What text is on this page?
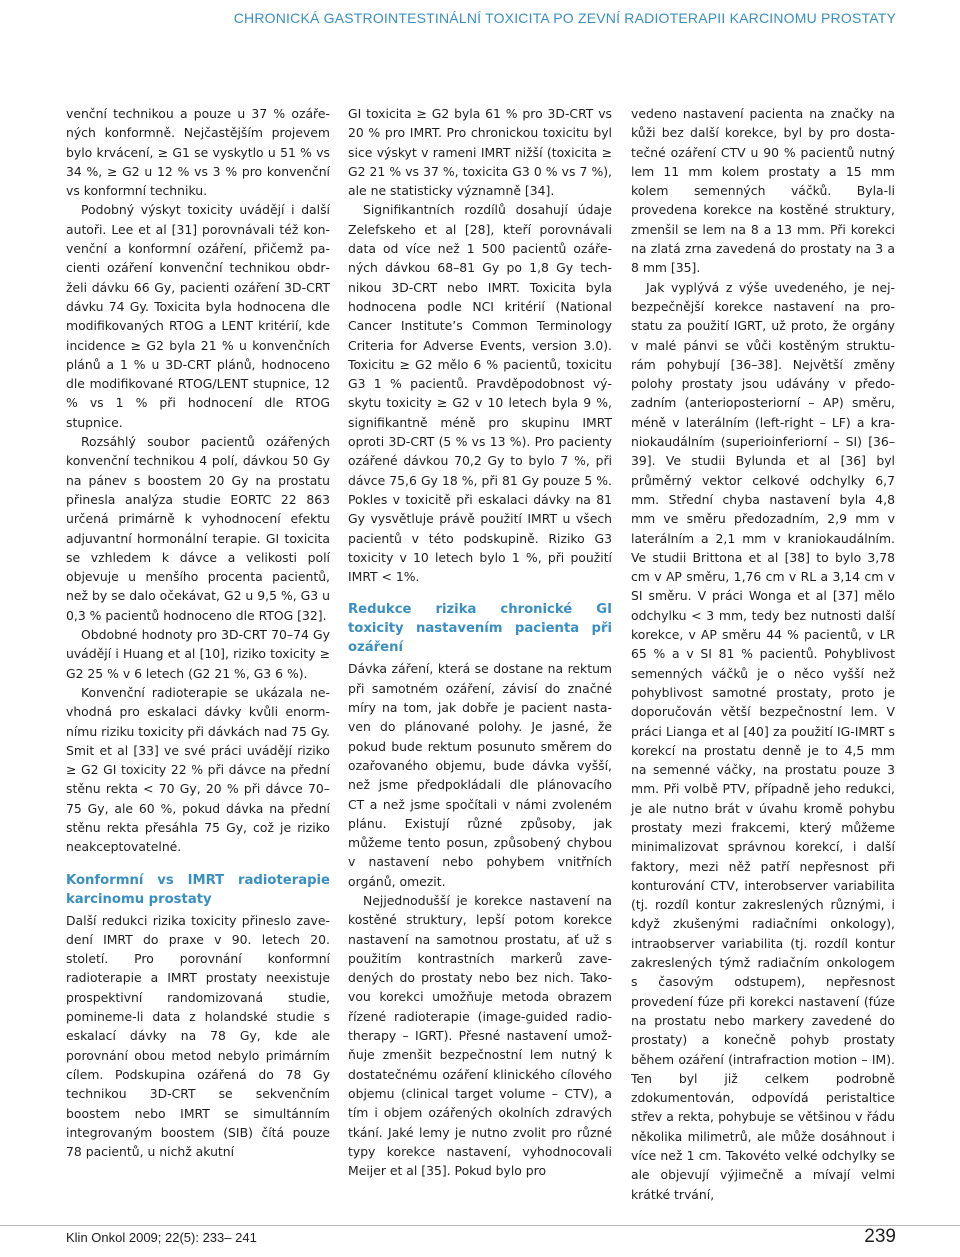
CHRONICKÁ GASTROINTESTINÁLNÍ TOXICITA PO ZEVNÍ RADIOTERAPII KARCINOMU PROSTATY

venční technikou a pouze u 37 % ozářených konformně. Nejčastějším projevem bylo krvácení, ≥ G1 se vyskytlo u 51 % vs 34 %, ≥ G2 u 12 % vs 3 % pro konvenční vs konformní techniku.

Podobný výskyt toxicity uvádějí i další autoři. Lee et al [31] porovnávali též konvenční a konformní ozáření, přičemž pacienti ozáření konvenční technikou obdrželi dávku 66 Gy, pacienti ozáření 3D-CRT dávku 74 Gy. Toxicita byla hodnocena dle modifikovaných RTOG a LENT kritérií, kde incidence ≥ G2 byla 21 % u konvenčních plánů a 1 % u 3D-CRT plánů, hodnoceno dle modifikované RTOG/LENT stupnice, 12 % vs 1 % při hodnocení dle RTOG stupnice.

Rozsáhlý soubor pacientů ozářených konvenční technikou 4 polí, dávkou 50 Gy na pánev s boostem 20 Gy na prostatu přinesla analýza studie EORTC 22 863 určená primárně k vyhodnocení efektu adjuvantní hormonální terapie. GI toxicita se vzhledem k dávce a velikosti polí objevuje u menšího procenta pacientů, než by se dalo očekávat, G2 u 9,5 %, G3 u 0,3 % pacientů hodnoceno dle RTOG [32].

Obdobné hodnoty pro 3D-CRT 70–74 Gy uvádějí i Huang et al [10], riziko toxicity ≥ G2 25 % v 6 letech (G2 21 %, G3 6 %).

Konvenční radioterapie se ukázala nevhodná pro eskalaci dávky kvůli enormnímu riziku toxicity při dávkách nad 75 Gy. Smit et al [33] ve své práci uvádějí riziko ≥ G2 GI toxicity 22 % při dávce na přední stěnu rekta < 70 Gy, 20 % při dávce 70–75 Gy, ale 60 %, pokud dávka na přední stěnu rekta přesáhla 75 Gy, což je riziko neakceptovatelné.

Konformní vs IMRT radioterapie karcinomu prostaty

Další redukci rizika toxicity přineslo zavedení IMRT do praxe v 90. letech 20. století. Pro porovnání konformní radioterapie a IMRT prostaty neexistuje prospektivní randomizovaná studie, pomineme-li data z holandské studie s eskalací dávky na 78 Gy, kde ale porovnání obou metod nebylo primárním cílem. Podskupina ozářená do 78 Gy technikou 3D-CRT se sekvenčním boostem nebo IMRT se simultánním integrovaným boostem (SIB) čítá pouze 78 pacientů, u nichž akutní

GI toxicita ≥ G2 byla 61 % pro 3D-CRT vs 20 % pro IMRT. Pro chronickou toxicitu byl sice výskyt v rameni IMRT nižší (toxicita ≥ G2 21 % vs 37 %, toxicita G3 0 % vs 7 %), ale ne statisticky významně [34].

Signifikantních rozdílů dosahují údaje Zelefskeho et al [28], kteří porovnávali data od více než 1 500 pacientů ozářených dávkou 68–81 Gy po 1,8 Gy technikou 3D-CRT nebo IMRT. Toxicita byla hodnocena podle NCI kritérií (National Cancer Institute’s Common Terminology Criteria for Adverse Events, version 3.0). Toxicitu ≥ G2 mělo 6 % pacientů, toxicitu G3 1 % pacientů. Pravděpodobnost výskytu toxicity ≥ G2 v 10 letech byla 9 %, signifikantně méně pro skupinu IMRT oproti 3D-CRT (5 % vs 13 %). Pro pacienty ozářené dávkou 70,2 Gy to bylo 7 %, při dávce 75,6 Gy 18 %, při 81 Gy pouze 5 %. Pokles v toxicitě při eskalaci dávky na 81 Gy vysvětluje právě použití IMRT u všech pacientů v této podskupině. Riziko G3 toxicity v 10 letech bylo 1 %, při použití IMRT < 1%.

Redukce rizika chronické GI toxicity nastavením pacienta při ozáření

Dávka záření, která se dostane na rektum při samotném ozáření, závisí do značné míry na tom, jak dobře je pacient nastaven do plánované polohy. Je jasné, že pokud bude rektum posunuto směrem do ozařovaného objemu, bude dávka vyšší, než jsme předpokládali dle plánovacího CT a než jsme spočítali v námi zvoleném plánu. Existují různé způsoby, jak můžeme tento posun, způsobený chybou v nastavení nebo pohybem vnitřních orgánů, omezit.

Nejjednodušší je korekce nastavení na kostěné struktury, lepší potom korekce nastavení na samotnou prostatu, ať už s použitím kontrastních markerů zavedených do prostaty nebo bez nich. Takovou korekci umožňuje metoda obrazem řízené radioterapie (image-guided radiotherapy – IGRT). Přesné nastavení umožňuje zmenšit bezpečnostní lem nutný k dostatečnému ozáření klinického cílového objemu (clinical target volume – CTV), a tím i objem ozářených okolních zdravých tkání. Jaké lemy je nutno zvolit pro různé typy korekce nastavení, vyhodnocovali Meijer et al [35]. Pokud bylo pro

vedeno nastavení pacienta na značky na kůži bez další korekce, byl by pro dostatečné ozáření CTV u 90 % pacientů nutný lem 11 mm kolem prostaty a 15 mm kolem semenných váčků. Byla-li provedena korekce na kostěné struktury, zmenšil se lem na 8 a 13 mm. Při korekci na zlatá zrna zavedená do prostaty na 3 a 8 mm [35].

Jak vyplývá z výše uvedeného, je nejbezpečnější korekce nastavení na prostatu za použití IGRT, už proto, že orgány v malé pánvi se vůči kostěným strukturám pohybují [36–38]. Největší změny polohy prostaty jsou udávány v předozadním (anterioposteriorní – AP) směru, méně v laterálním (left-right – LF) a kraniokaudálním (superioinferiorní – SI) [36–39]. Ve studii Bylunda et al [36] byl průměrný vektor celkové odchylky 6,7 mm. Střední chyba nastavení byla 4,8 mm ve směru předozadním, 2,9 mm v laterálním a 2,1 mm v kraniokaudálním. Ve studii Brittona et al [38] to bylo 3,78 cm v AP směru, 1,76 cm v RL a 3,14 cm v SI směru. V práci Wonga et al [37] mělo odchylku < 3 mm, tedy bez nutnosti další korekce, v AP směru 44 % pacientů, v LR 65 % a v SI 81 % pacientů. Pohyblivost semenných váčků je o něco vyšší než pohyblivost samotné prostaty, proto je doporučován větší bezpečnostní lem. V práci Lianga et al [40] za použití IG-IMRT s korekcí na prostatu denně je to 4,5 mm na semenné váčky, na prostatu pouze 3 mm. Při volbě PTV, případně jeho redukci, je ale nutno brát v úvahu kromě pohybu prostaty mezi frakcemi, který můžeme minimalizovat správnou korekcí, i další faktory, mezi něž patří nepřesnost při konturování CTV, interobserver variabilita (tj. rozdíl kontur zakreslených různými, i když zkušenými radiačními onkology), intraobserver variabilita (tj. rozdíl kontur zakreslených týmž radiačním onkologem s časovým odstupem), nepřesnost provedení fúze při korekci nastavení (fúze na prostatu nebo markery zavedené do prostaty) a konečně pohyb prostaty během ozáření (intrafraction motion – IM). Ten byl již celkem podrobně zdokumentován, odpovídá peristaltice střev a rekta, pohybuje se většinou v řádu několika milimetrů, ale může dosáhnout i více než 1 cm. Takovéto velké odchylky se ale objevují výjimečně a mívají velmi krátké trvání,

Klin Onkol 2009; 22(5): 233– 241	239
